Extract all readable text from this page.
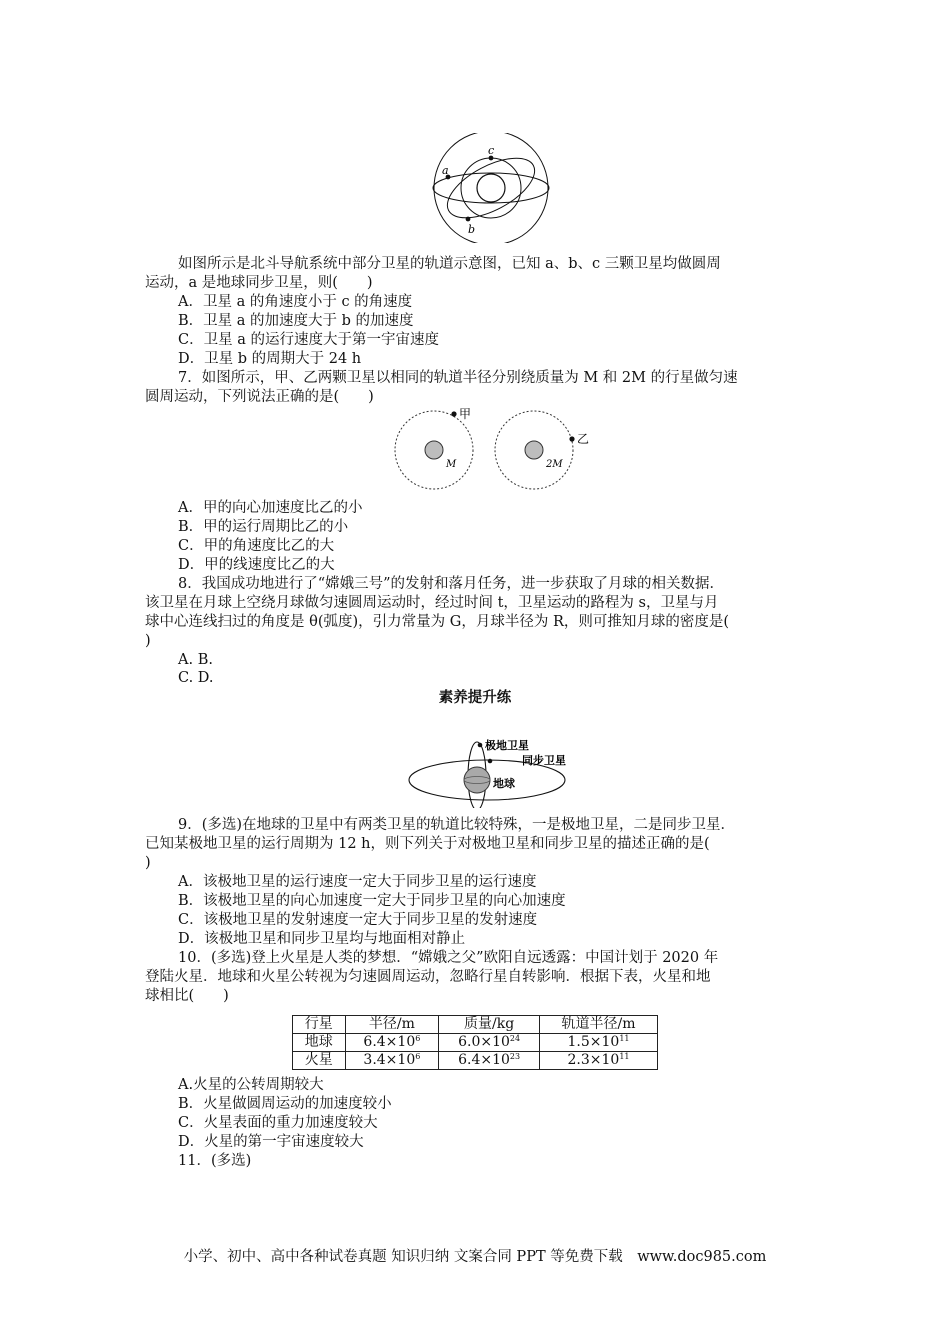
a
c
b
如图所示是北斗导航系统中部分卫星的轨道示意图，已知 a、b、c 三颗卫星均做圆周
运动，a 是地球同步卫星，则(　　)
A．卫星 a 的角速度小于 c 的角速度
B．卫星 a 的加速度大于 b 的加速度
C．卫星 a 的运行速度大于第一宇宙速度
D．卫星 b 的周期大于 24 h
7．如图所示，甲、乙两颗卫星以相同的轨道半径分别绕质量为 M 和 2M 的行星做匀速
圆周运动，下列说法正确的是(　　)
甲
M
乙
2M
A．甲的向心加速度比乙的小
B．甲的运行周期比乙的小
C．甲的角速度比乙的大
D．甲的线速度比乙的大
8．我国成功地进行了“嫦娥三号”的发射和落月任务，进一步获取了月球的相关数据．
该卫星在月球上空绕月球做匀速圆周运动时，经过时间 t，卫星运动的路程为 s，卫星与月
球中心连线扫过的角度是 θ(弧度)，引力常量为 G，月球半径为 R，则可推知月球的密度是(
)
A. B.
C. D.
素养提升练
极地卫星
同步卫星
地球
9．(多选)在地球的卫星中有两类卫星的轨道比较特殊，一是极地卫星，二是同步卫星．
已知某极地卫星的运行周期为 12 h，则下列关于对极地卫星和同步卫星的描述正确的是(
)
A．该极地卫星的运行速度一定大于同步卫星的运行速度
B．该极地卫星的向心加速度一定大于同步卫星的向心加速度
C．该极地卫星的发射速度一定大于同步卫星的发射速度
D．该极地卫星和同步卫星均与地面相对静止
10．(多选)登上火星是人类的梦想．“嫦娥之父”欧阳自远透露：中国计划于 2020 年
登陆火星．地球和火星公转视为匀速圆周运动，忽略行星自转影响．根据下表，火星和地
球相比(　　)
行星	半径/m	质量/kg	轨道半径/m
地球	$6.4\times 10^6$	$6.0\times 10^{24}$	$1.5\times 10^{11}$
火星	$3.4\times 10^6$	$6.4\times 10^{23}$	$2.3\times 10^{11}$
A.火星的公转周期较大
B．火星做圆周运动的加速度较小
C．火星表面的重力加速度较大
D．火星的第一宇宙速度较大
11．(多选)
小学、初中、高中各种试卷真题 知识归纳 文案合同 PPT 等免费下载　www.doc985.com
